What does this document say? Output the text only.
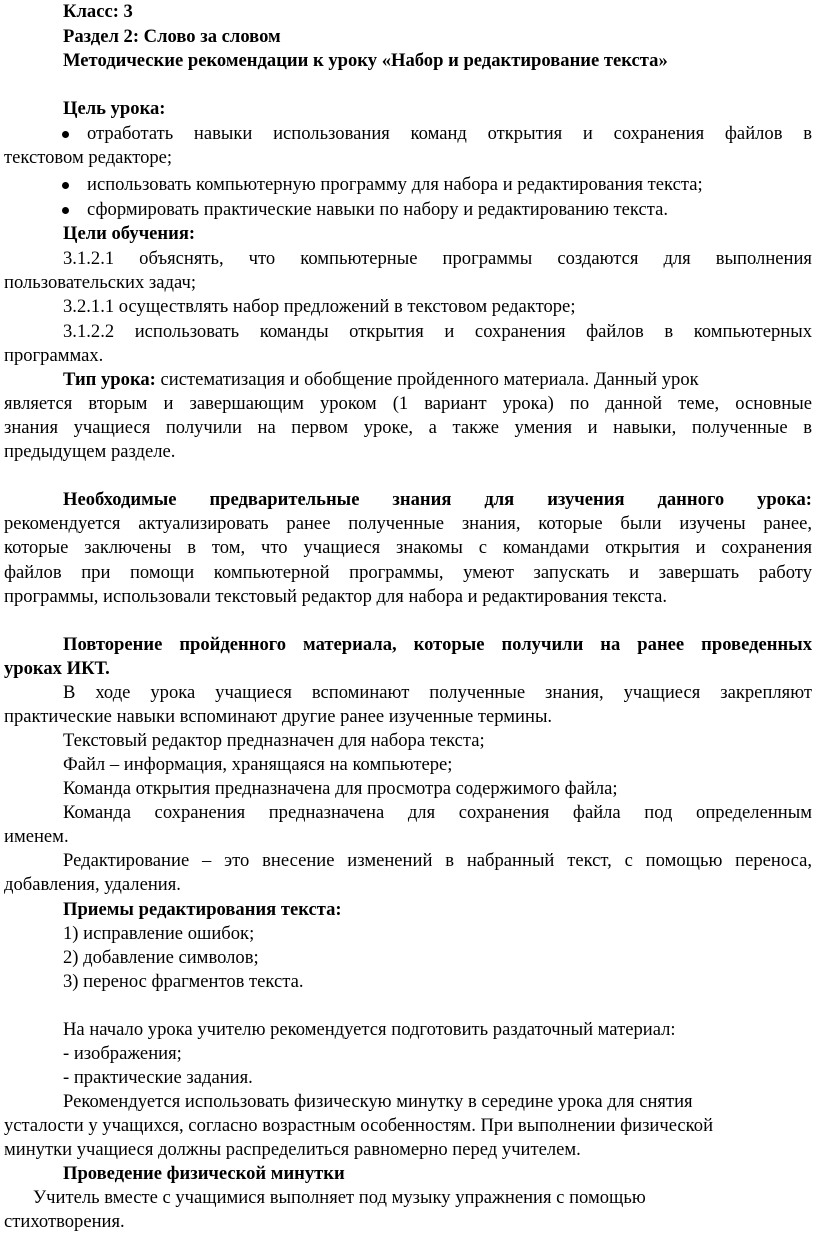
Класс: 3

Раздел 2: Слово за словом

Методические рекомендации к уроку «Набор и редактирование текста»

Цель урока:

отработать навыки использования команд открытия и сохранения файлов в

текстовом редакторе;

использовать компьютерную программу для набора и редактирования текста;

сформировать практические навыки по набору и редактированию текста.

Цели обучения:

3.1.2.1 объяснять, что компьютерные программы создаются для выполнения

пользовательских задач;

3.2.1.1 осуществлять набор предложений в текстовом редакторе;

3.1.2.2 использовать команды открытия и сохранения файлов в компьютерных

программах.

Тип урока: систематизация и обобщение пройденного материала. Данный урок

является вторым и завершающим уроком (1 вариант урока) по данной теме, основные

знания учащиеся получили на первом уроке, а также умения и навыки, полученные в

предыдущем разделе.

Необходимые предварительные знания для изучения данного урока:

рекомендуется актуализировать ранее полученные знания, которые были изучены ранее,

которые заключены в том, что учащиеся знакомы с командами открытия и сохранения

файлов при помощи компьютерной программы, умеют запускать и завершать работу

программы, использовали текстовый редактор для набора и редактирования текста.

Повторение пройденного материала, которые получили на ранее проведенных

уроках ИКТ.

В ходе урока учащиеся вспоминают полученные знания, учащиеся закрепляют

практические навыки вспоминают другие ранее изученные термины.

Текстовый редактор предназначен для набора текста;

Файл – информация, хранящаяся на компьютере;

Команда открытия предназначена для просмотра содержимого файла;

Команда сохранения предназначена для сохранения файла под определенным

именем.

Редактирование – это внесение изменений в набранный текст, с помощью переноса,

добавления, удаления.

Приемы редактирования текста:

1) исправление ошибок;

2) добавление символов;

3) перенос фрагментов текста.

На начало урока учителю рекомендуется подготовить раздаточный материал:

- изображения;

- практические задания.

Рекомендуется использовать физическую минутку в середине урока для снятия

усталости у учащихся, согласно возрастным особенностям. При выполнении физической

минутки учащиеся должны распределиться равномерно перед учителем.

Проведение физической минутки

Учитель вместе с учащимися выполняет под музыку упражнения с помощью

стихотворения.
